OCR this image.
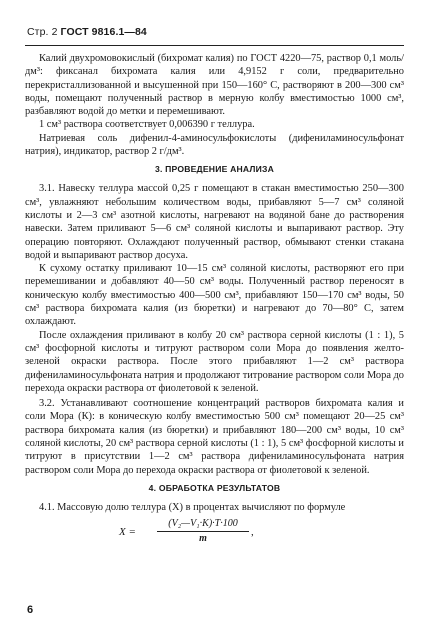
Стр. 2 ГОСТ 9816.1—84

Калий двухромовокислый (бихромат калия) по ГОСТ 4220—75, раствор 0,1 моль/дм³: фиксанал бихромата калия или 4,9152 г соли, предварительно перекристаллизованной и высушенной при 150—160° С, растворяют в 200—300 см³ воды, помещают полученный раствор в мерную колбу вместимостью 1000 см³, разбавляют водой до метки и перемешивают.

1 см³ раствора соответствует 0,006390 г теллура.

Натриевая соль дифенил-4-аминосульфокислоты (дифениламиносульфонат натрия), индикатор, раствор 2 г/дм³.

3. ПРОВЕДЕНИЕ АНАЛИЗА

3.1. Навеску теллура массой 0,25 г помещают в стакан вместимостью 250—300 см³, увлажняют небольшим количеством воды, прибавляют 5—7 см³ соляной кислоты и 2—3 см³ азотной кислоты, нагревают на водяной бане до растворения навески. Затем приливают 5—6 см³ соляной кислоты и выпаривают раствор. Эту операцию повторяют. Охлаждают полученный раствор, обмывают стенки стакана водой и выпаривают раствор досуха.

К сухому остатку приливают 10—15 см³ соляной кислоты, растворяют его при перемешивании и добавляют 40—50 см³ воды. Полученный раствор переносят в коническую колбу вместимостью 400—500 см³, прибавляют 150—170 см³ воды, 50 см³ раствора бихромата калия (из бюретки) и нагревают до 70—80° С, затем охлаждают.

После охлаждения приливают в колбу 20 см³ раствора серной кислоты (1 : 1), 5 см³ фосфорной кислоты и титруют раствором соли Мора до появления желто-зеленой окраски раствора. После этого прибавляют 1—2 см³ раствора дифениламиносульфоната натрия и продолжают титрование раствором соли Мора до перехода окраски раствора от фиолетовой к зеленой.

3.2. Устанавливают соотношение концентраций растворов бихромата калия и соли Мора (К): в коническую колбу вместимостью 500 см³ помещают 20—25 см³ раствора бихромата калия (из бюретки) и прибавляют 180—200 см³ воды, 10 см³ соляной кислоты, 20 см³ раствора серной кислоты (1 : 1), 5 см³ фосфорной кислоты и титруют в присутствии 1—2 см³ раствора дифениламиносульфоната натрия раствором соли Мора до перехода окраски раствора от фиолетовой к зеленой.

4. ОБРАБОТКА РЕЗУЛЬТАТОВ

4.1. Массовую долю теллура (X) в процентах вычисляют по формуле

X =
(V₂—V₁·K)·T·100
m
,
6
